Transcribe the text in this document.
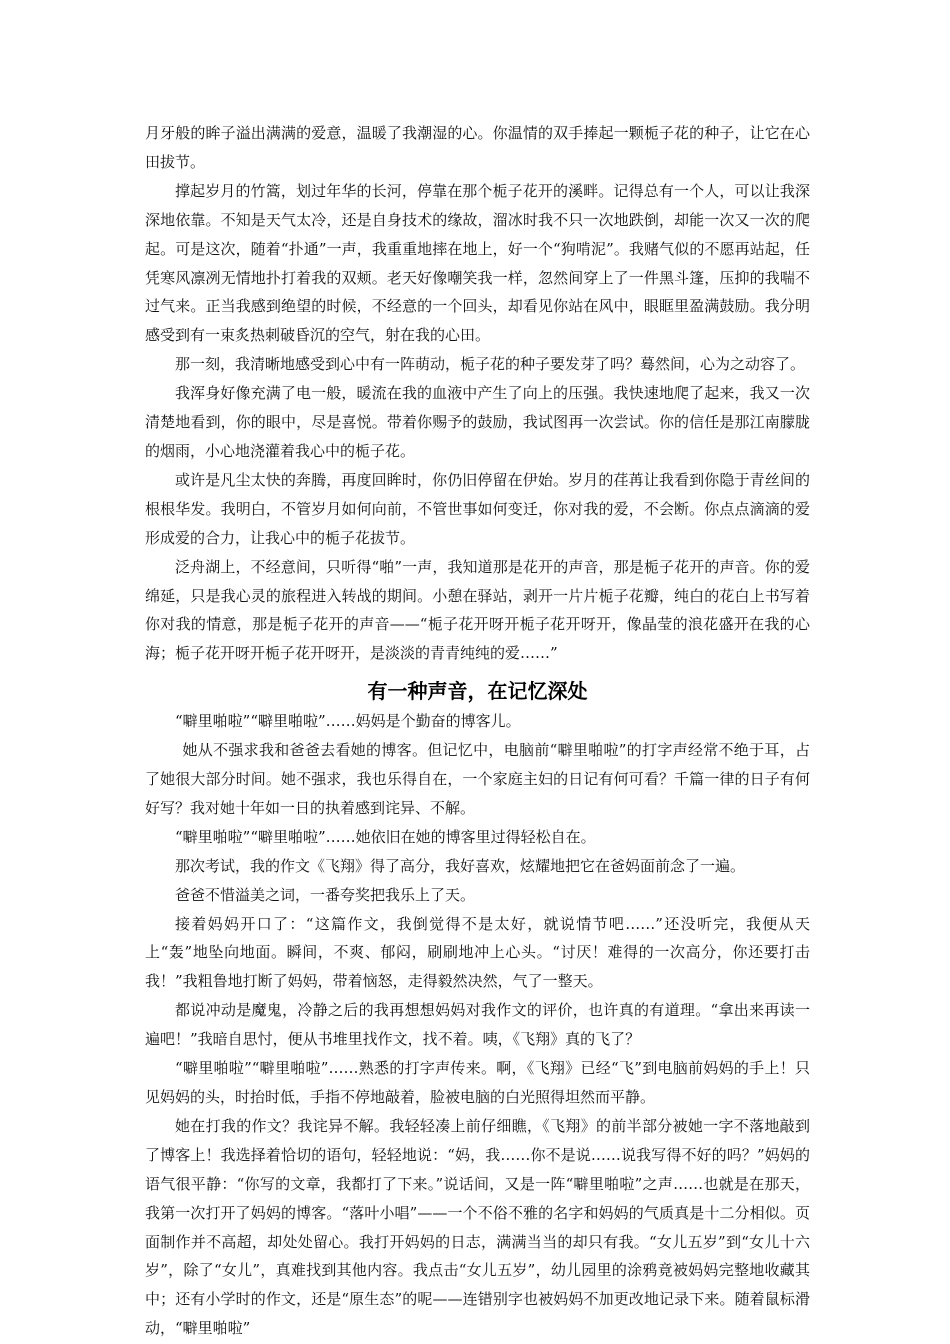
月牙般的眸子溢出满满的爱意，温暖了我潮湿的心。你温情的双手捧起一颗栀子花的种子，让它在心田拔节。

撑起岁月的竹篙，划过年华的长河，停靠在那个栀子花开的溪畔。记得总有一个人，可以让我深深地依靠。不知是天气太冷，还是自身技术的缘故，溜冰时我不只一次地跌倒，却能一次又一次的爬起。可是这次，随着“扑通”一声，我重重地摔在地上，好一个“狗啃泥”。我赌气似的不愿再站起，任凭寒风凛冽无情地扑打着我的双颊。老天好像嘲笑我一样，忽然间穿上了一件黑斗篷，压抑的我喘不过气来。正当我感到绝望的时候，不经意的一个回头，却看见你站在风中，眼眶里盈满鼓励。我分明感受到有一束炙热刺破昏沉的空气，射在我的心田。

那一刻，我清晰地感受到心中有一阵萌动，栀子花的种子要发芽了吗？蓦然间，心为之动容了。

我浑身好像充满了电一般，暖流在我的血液中产生了向上的压强。我快速地爬了起来，我又一次清楚地看到，你的眼中，尽是喜悦。带着你赐予的鼓励，我试图再一次尝试。你的信任是那江南朦胧的烟雨，小心地浇灌着我心中的栀子花。

或许是凡尘太快的奔腾，再度回眸时，你仍旧停留在伊始。岁月的荏苒让我看到你隐于青丝间的根根华发。我明白，不管岁月如何向前，不管世事如何变迁，你对我的爱，不会断。你点点滴滴的爱形成爱的合力，让我心中的栀子花拔节。

泛舟湖上，不经意间，只听得“啪”一声，我知道那是花开的声音，那是栀子花开的声音。你的爱绵延，只是我心灵的旅程进入转战的期间。小憩在驿站，剥开一片片栀子花瓣，纯白的花白上书写着你对我的情意，那是栀子花开的声音——“栀子花开呀开栀子花开呀开，像晶莹的浪花盛开在我的心海；栀子花开呀开栀子花开呀开，是淡淡的青青纯纯的爱……”

有一种声音，在记忆深处

“噼里啪啦”“噼里啪啦”……妈妈是个勤奋的博客儿。

她从不强求我和爸爸去看她的博客。但记忆中，电脑前“噼里啪啦”的打字声经常不绝于耳，占了她很大部分时间。她不强求，我也乐得自在，一个家庭主妇的日记有何可看？千篇一律的日子有何好写？我对她十年如一日的执着感到诧异、不解。

“噼里啪啦”“噼里啪啦”……她依旧在她的博客里过得轻松自在。

那次考试，我的作文《飞翔》得了高分，我好喜欢，炫耀地把它在爸妈面前念了一遍。

爸爸不惜溢美之词，一番夸奖把我乐上了天。

接着妈妈开口了：“这篇作文，我倒觉得不是太好，就说情节吧……”还没听完，我便从天上“轰”地坠向地面。瞬间，不爽、郁闷，刷刷地冲上心头。“讨厌！难得的一次高分，你还要打击我！”我粗鲁地打断了妈妈，带着恼怒，走得毅然决然，气了一整天。

都说冲动是魔鬼，冷静之后的我再想想妈妈对我作文的评价，也许真的有道理。“拿出来再读一遍吧！”我暗自思忖，便从书堆里找作文，找不着。咦，《飞翔》真的飞了？

“噼里啪啦”“噼里啪啦”……熟悉的打字声传来。啊，《飞翔》已经“飞”到电脑前妈妈的手上！只见妈妈的头，时抬时低，手指不停地敲着，脸被电脑的白光照得坦然而平静。

她在打我的作文？我诧异不解。我轻轻凑上前仔细瞧，《飞翔》的前半部分被她一字不落地敲到了博客上！我选择着恰切的语句，轻轻地说：“妈，我……你不是说……说我写得不好的吗？”妈妈的语气很平静：“你写的文章，我都打了下来。”说话间，又是一阵“噼里啪啦”之声……也就是在那天，我第一次打开了妈妈的博客。“落叶小唱”——一个不俗不雅的名字和妈妈的气质真是十二分相似。页面制作并不高超，却处处留心。我打开妈妈的日志，满满当当的却只有我。“女儿五岁”到“女儿十六岁”，除了“女儿”，真难找到其他内容。我点击“女儿五岁”，幼儿园里的涂鸦竟被妈妈完整地收藏其中；还有小学时的作文，还是“原生态”的呢——连错别字也被妈妈不加更改地记录下来。随着鼠标滑动，“噼里啪啦”
